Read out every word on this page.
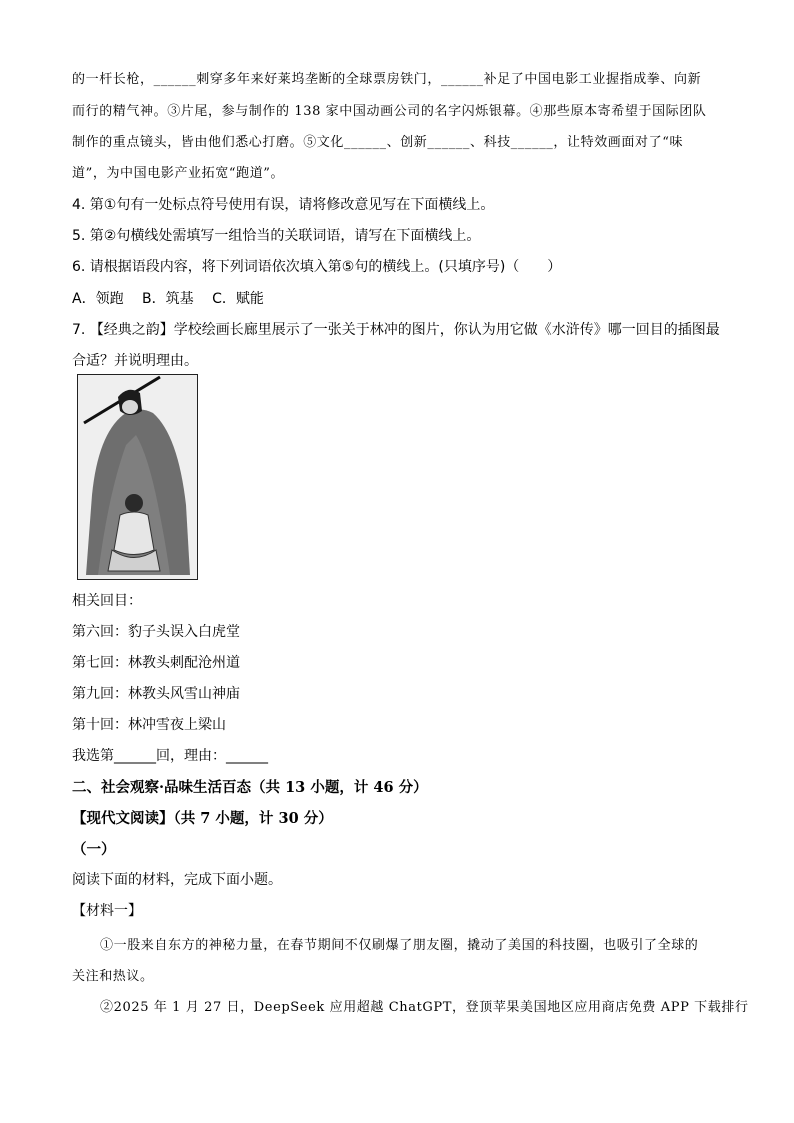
的一杆长枪，______刺穿多年来好莱坞垄断的全球票房铁门，______补足了中国电影工业握指成拳、向新
而行的精气神。③片尾，参与制作的 138 家中国动画公司的名字闪烁银幕。④那些原本寄希望于国际团队
制作的重点镜头，皆由他们悉心打磨。⑤文化______、创新______、科技______，让特效画面对了“味
道”，为中国电影产业拓宽“跑道”。
4. 第①句有一处标点符号使用有误，请将修改意见写在下面横线上。
5. 第②句横线处需填写一组恰当的关联词语，请写在下面横线上。
6. 请根据语段内容，将下列词语依次填入第⑤句的横线上。(只填序号)（　　）
A．领跑　 B．筑基　 C．赋能
7. 【经典之韵】学校绘画长廊里展示了一张关于林冲的图片，你认为用它做《水浒传》哪一回目的插图最
合适？并说明理由。
相关回目：
第六回：豹子头误入白虎堂
第七回：林教头刺配沧州道
第九回：林教头风雪山神庙
第十回：林冲雪夜上梁山
我选第______回，理由：______
二、社会观察·品味生活百态（共 13 小题，计 46 分）
【现代文阅读】（共 7 小题，计 30 分）
（一）
阅读下面的材料，完成下面小题。
【材料一】
①一股来自东方的神秘力量，在春节期间不仅刷爆了朋友圈，撬动了美国的科技圈，也吸引了全球的
关注和热议。
②2025 年 1 月 27 日，DeepSeek 应用超越 ChatGPT，登顶苹果美国地区应用商店免费 APP 下载排行
